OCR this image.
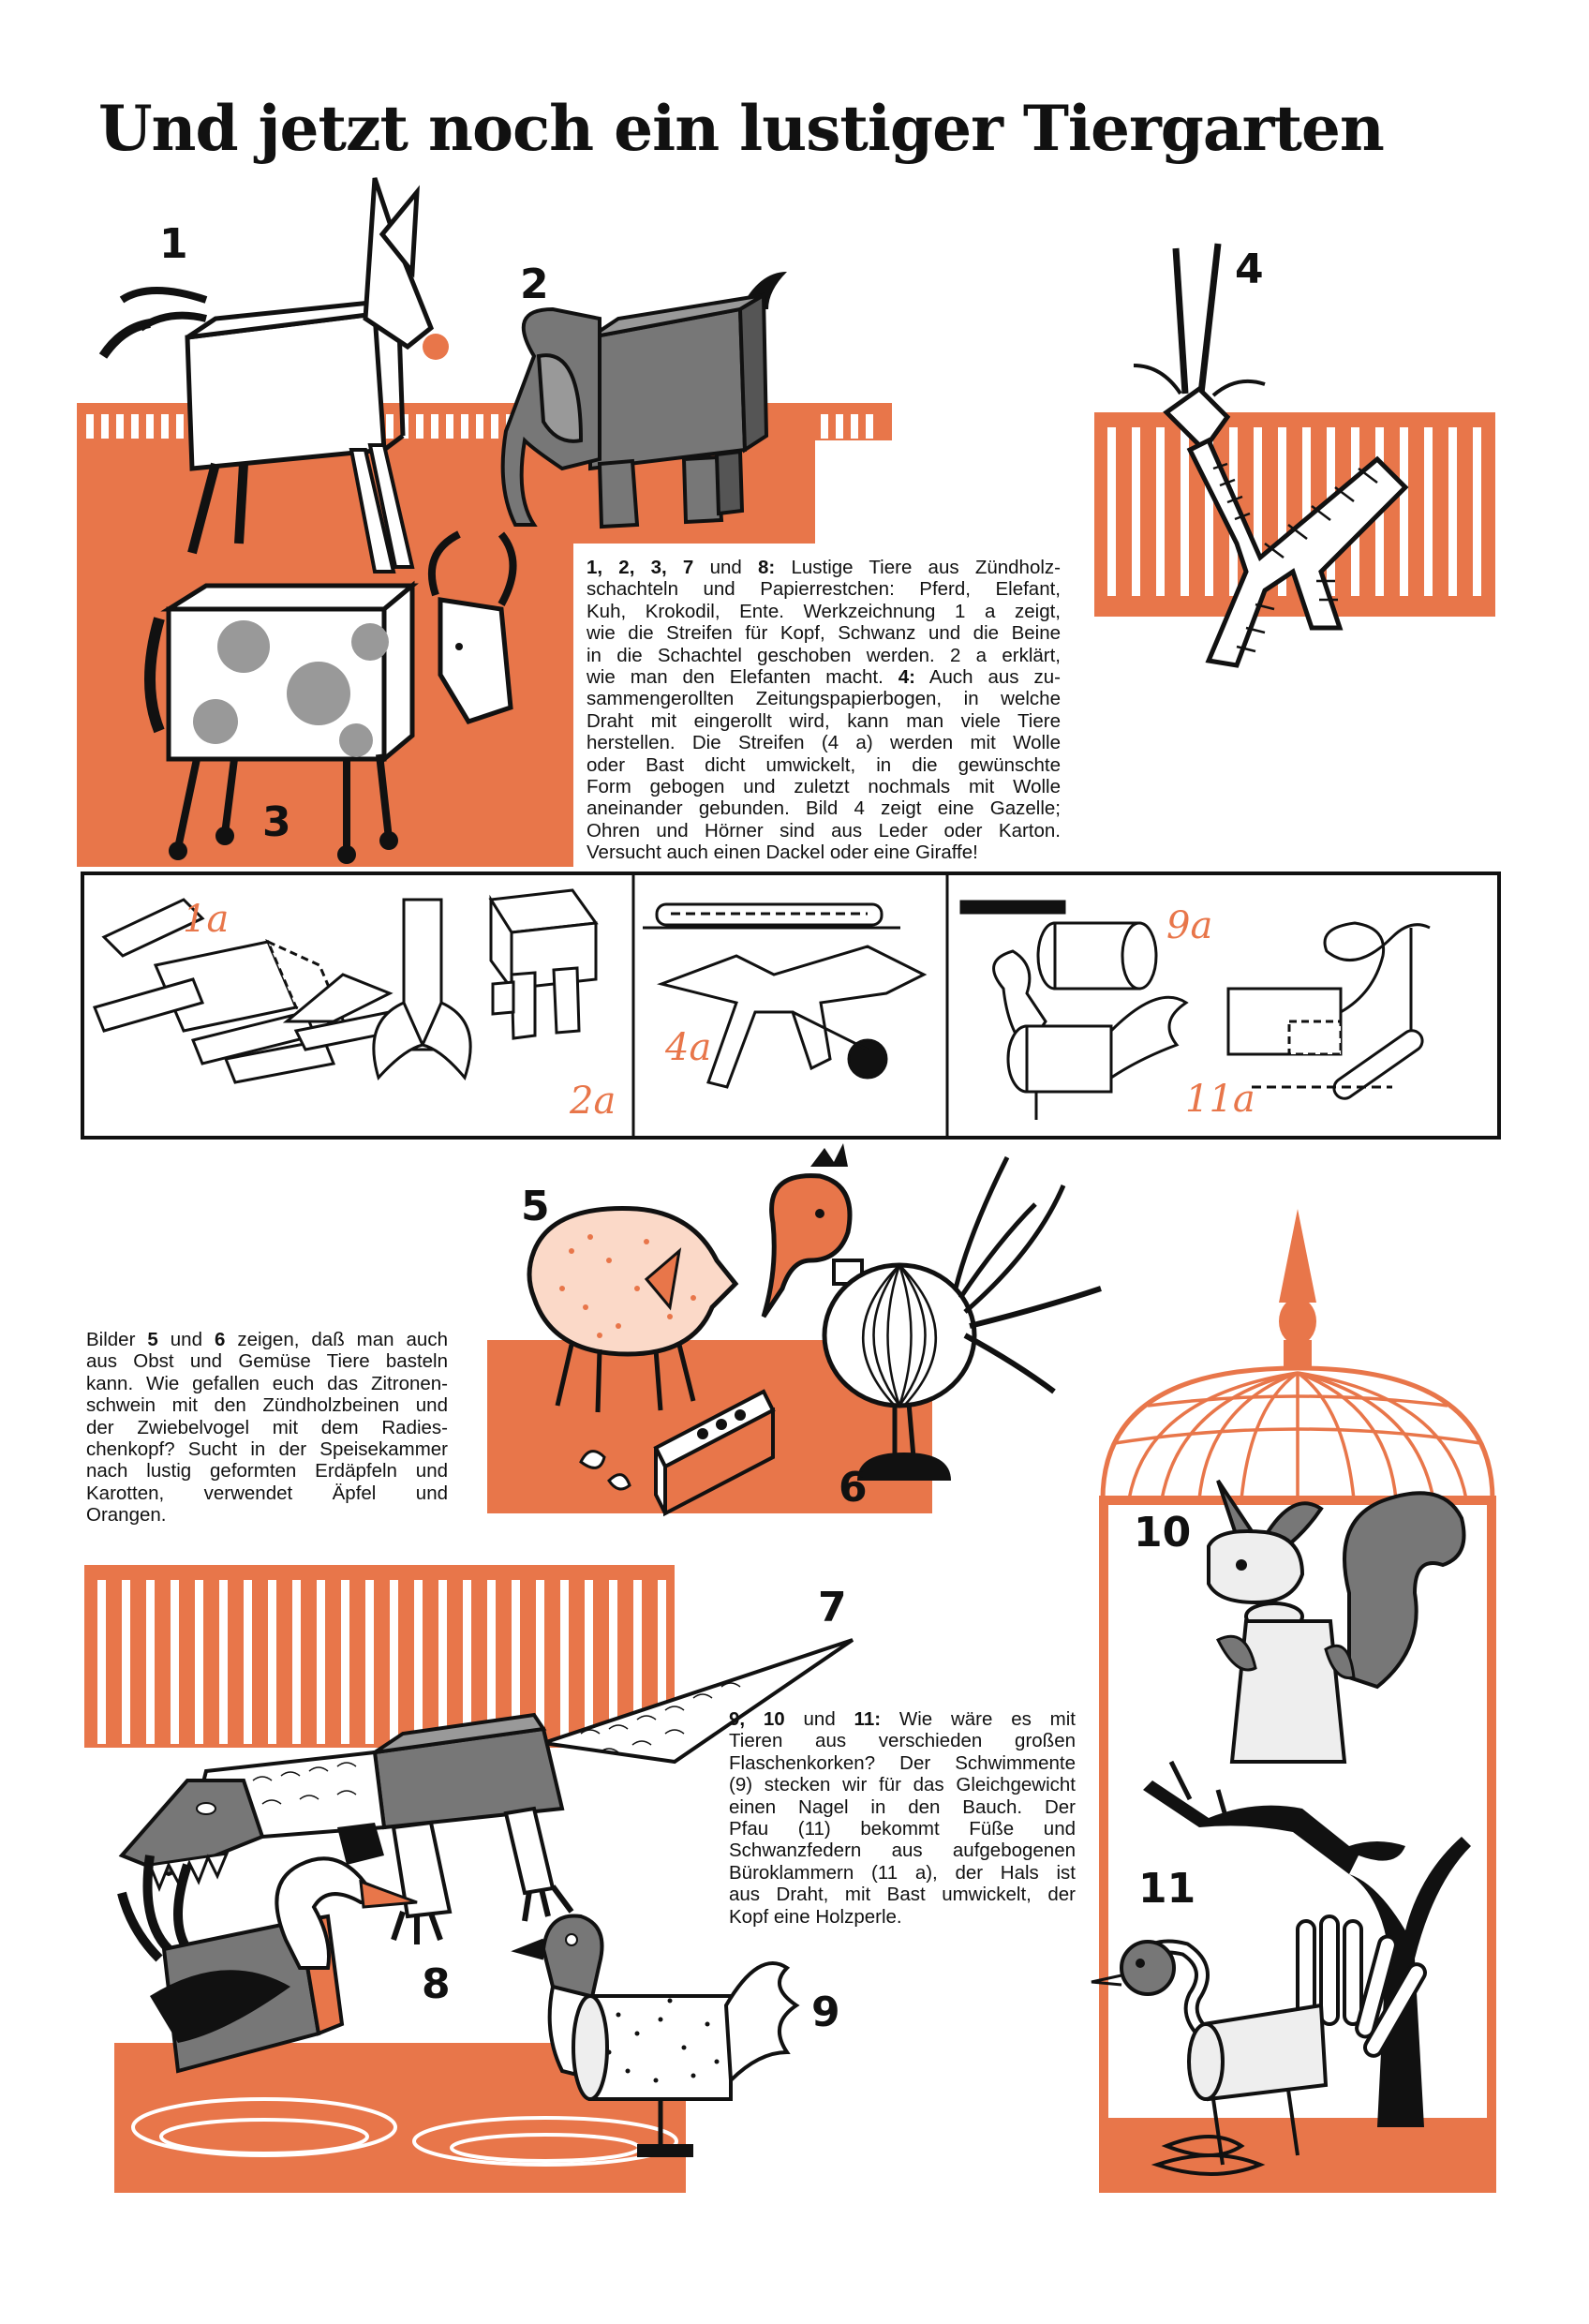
Und jetzt noch ein lustiger Tiergarten
1
2
3
4
1, 2, 3, 7 und 8: Lustige Tiere aus Zündholz-
schachteln und Papierrestchen: Pferd, Elefant,
Kuh, Krokodil, Ente. Werkzeichnung 1 a zeigt,
wie die Streifen für Kopf, Schwanz und die Beine
in die Schachtel geschoben werden. 2 a erklärt,
wie man den Elefanten macht. 4: Auch aus zu-
sammengerollten Zeitungspapierbogen, in welche
Draht mit eingerollt wird, kann man viele Tiere
herstellen. Die Streifen (4 a) werden mit Wolle
oder Bast dicht umwickelt, in die gewünschte
Form gebogen und zuletzt nochmals mit Wolle
aneinander gebunden. Bild 4 zeigt eine Gazelle;
Ohren und Hörner sind aus Leder oder Karton.
Versucht auch einen Dackel oder eine Giraffe!
1a
2a
4a
9a
11a
5
6
Bilder 5 und 6 zeigen, daß man auch
aus Obst und Gemüse Tiere basteln
kann. Wie gefallen euch das Zitronen-
schwein mit den Zündholzbeinen und
der Zwiebelvogel mit dem Radies-
chenkopf? Sucht in der Speisekammer
nach lustig geformten Erdäpfeln und
Karotten, verwendet Äpfel und
Orangen.	10
11
7
8
9
9, 10 und 11: Wie wäre es mit
Tieren aus verschieden großen
Flaschenkorken? Der Schwimmente
(9) stecken wir für das Gleichgewicht
einen Nagel in den Bauch. Der
Pfau (11) bekommt Füße und
Schwanzfedern aus aufgebogenen
Büroklammern (11 a), der Hals ist
aus Draht, mit Bast umwickelt, der
Kopf eine Holzperle.
